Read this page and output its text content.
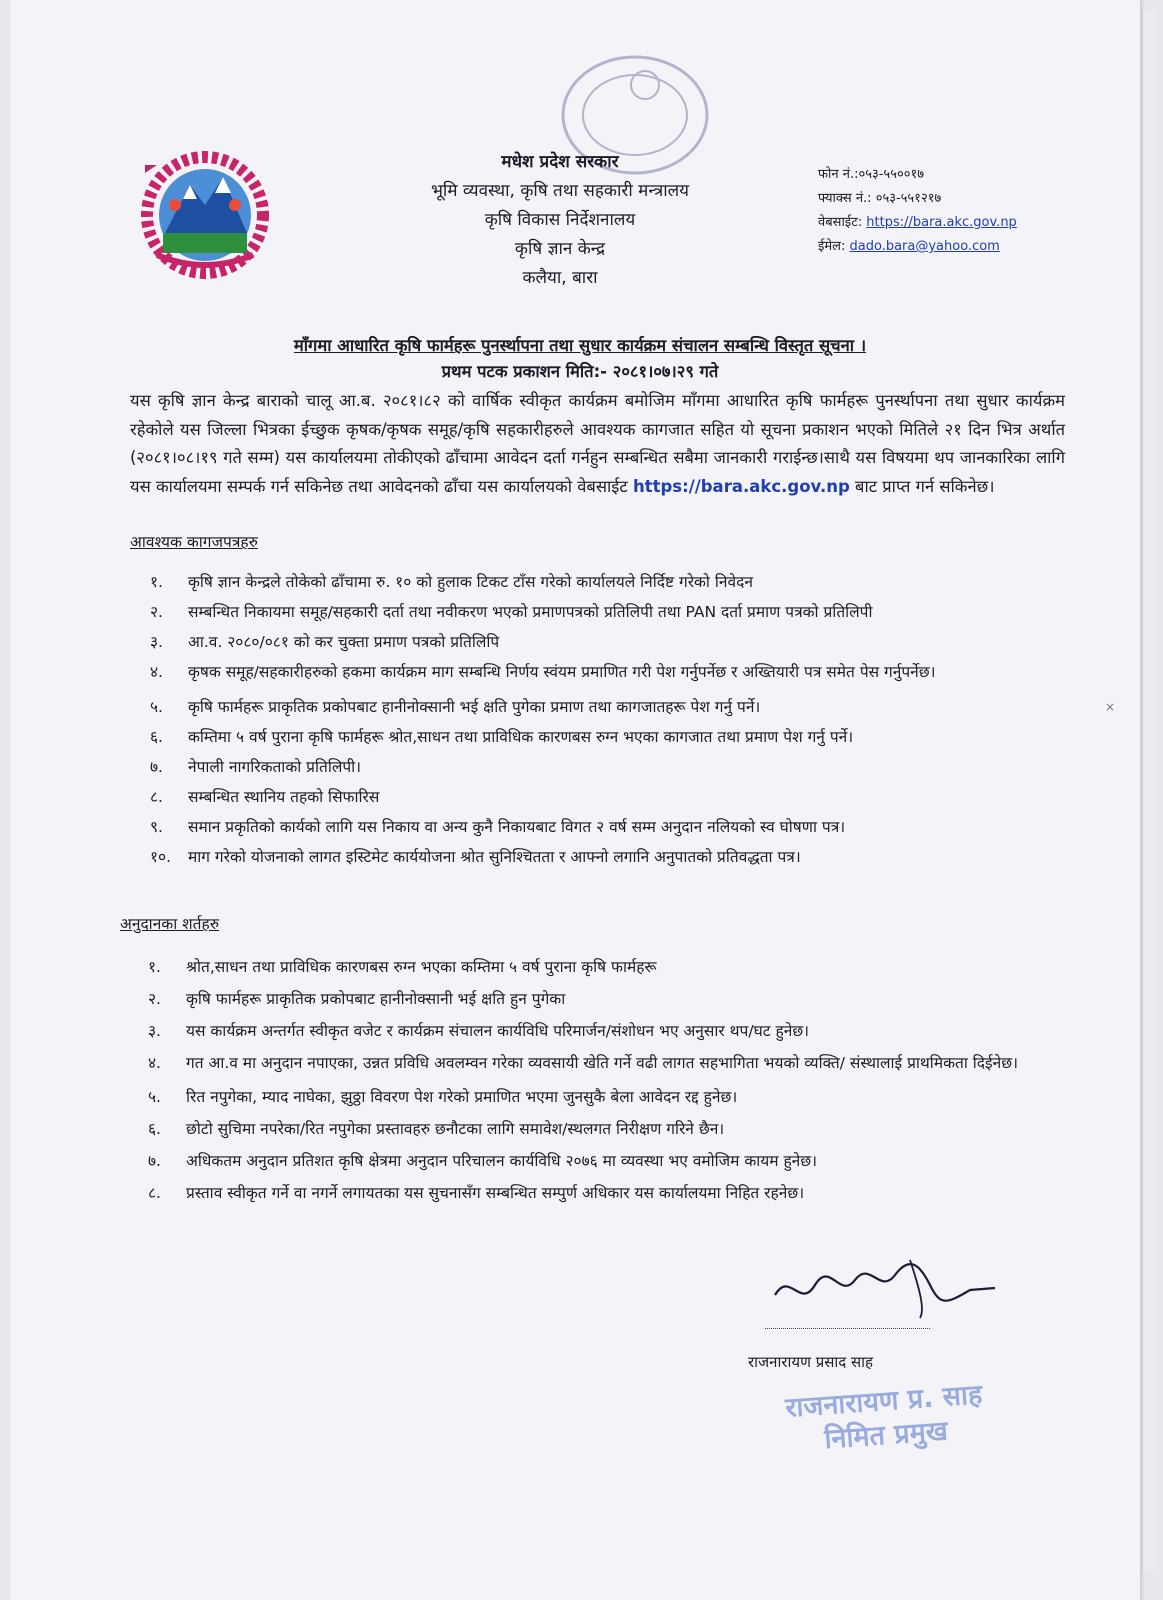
मधेश प्रदेश सरकार
भूमि व्यवस्था, कृषि तथा सहकारी मन्त्रालय
कृषि विकास निर्देशनालय
कृषि ज्ञान केन्द्र
कलैया, बारा
फोन नं.:०५३-५५००१७
फ्याक्स नं.: ०५३-५५१२१७
वेबसाईट: https://bara.akc.gov.np
ईमेल: dado.bara@yahoo.com
माँगमा आधारित कृषि फार्महरू पुनर्स्थापना तथा सुधार कार्यक्रम संचालन सम्बन्धि विस्तृत सूचना ।
प्रथम पटक प्रकाशन मिति:- २०८१।०७।२९ गते
यस कृषि ज्ञान केन्द्र बाराको चालू आ.ब. २०८१।८२ को वार्षिक स्वीकृत कार्यक्रम बमोजिम माँगमा आधारित कृषि फार्महरू पुनर्स्थापना तथा सुधार कार्यक्रम रहेकोले यस जिल्ला भित्रका ईच्छुक कृषक/कृषक समूह/कृषि सहकारीहरुले आवश्यक कागजात सहित यो सूचना प्रकाशन भएको मितिले २१ दिन भित्र अर्थात (२०८१।०८।१९ गते सम्म) यस कार्यालयमा तोकीएको ढाँचामा आवेदन दर्ता गर्नहुन सम्बन्धित सबैमा जानकारी गराईन्छ।साथै यस विषयमा थप जानकारिका लागि यस कार्यालयमा सम्पर्क गर्न सकिनेछ तथा आवेदनको ढाँचा यस कार्यालयको वेबसाईट https://bara.akc.gov.np बाट प्राप्त गर्न सकिनेछ।
आवश्यक कागजपत्रहरु
१. कृषि ज्ञान केन्द्रले तोकेको ढाँचामा रु. १० को हुलाक टिकट टाँस गरेको कार्यालयले निर्दिष्ट गरेको निवेदन
२. सम्बन्धित निकायमा समूह/सहकारी दर्ता तथा नवीकरण भएको प्रमाणपत्रको प्रतिलिपी तथा PAN दर्ता प्रमाण पत्रको प्रतिलिपी
३. आ.व. २०८०/०८१ को कर चुक्ता प्रमाण पत्रको प्रतिलिपि
४. कृषक समूह/सहकारीहरुको हकमा कार्यक्रम माग सम्बन्धि निर्णय स्वंयम प्रमाणित गरी पेश गर्नुपर्नेछ र अख्तियारी पत्र समेत पेस गर्नुपर्नेछ।
५. कृषि फार्महरू प्राकृतिक प्रकोपबाट हानीनोक्सानी भई क्षति पुगेका प्रमाण तथा कागजातहरू पेश गर्नु पर्ने।
६. कम्तिमा ५ वर्ष पुराना कृषि फार्महरू श्रोत,साधन तथा प्राविधिक कारणबस रुग्न भएका कागजात तथा प्रमाण पेश गर्नु पर्ने।
७. नेपाली नागरिकताको प्रतिलिपी।
८. सम्बन्धित स्थानिय तहको सिफारिस
९. समान प्रकृतिको कार्यको लागि यस निकाय वा अन्य कुनै निकायबाट विगत २ वर्ष सम्म अनुदान नलियको स्व घोषणा पत्र।
१०. माग गरेको योजनाको लागत इस्टिमेट कार्ययोजना श्रोत सुनिश्चितता र आफ्नो लगानि अनुपातको प्रतिवद्धता पत्र।
अनुदानका शर्तहरु
१. श्रोत,साधन तथा प्राविधिक कारणबस रुग्न भएका कम्तिमा ५ वर्ष पुराना कृषि फार्महरू
२. कृषि फार्महरू प्राकृतिक प्रकोपबाट हानीनोक्सानी भई क्षति हुन पुगेका
३. यस कार्यक्रम अन्तर्गत स्वीकृत वजेट र कार्यक्रम संचालन कार्यविधि परिमार्जन/संशोधन भए अनुसार थप/घट हुनेछ।
४. गत आ.व मा अनुदान नपाएका, उन्नत प्रविधि अवलम्वन गरेका व्यवसायी खेति गर्ने वढी लागत सहभागिता भयको व्यक्ति/ संस्थालाई प्राथमिकता दिईनेछ।
५. रित नपुगेका, म्याद नाघेका, झुठ्ठा विवरण पेश गरेको प्रमाणित भएमा जुनसुकै बेला आवेदन रद्द हुनेछ।
६. छोटो सुचिमा नपरेका/रित नपुगेका प्रस्तावहरु छनौटका लागि समावेश/स्थलगत निरीक्षण गरिने छैन।
७. अधिकतम अनुदान प्रतिशत कृषि क्षेत्रमा अनुदान परिचालन कार्यविधि २०७६ मा व्यवस्था भए वमोजिम कायम हुनेछ।
८. प्रस्ताव स्वीकृत गर्ने वा नगर्ने लगायतका यस सुचनासँग सम्बन्धित सम्पुर्ण अधिकार यस कार्यालयमा निहित रहनेछ।
राजनारायण प्रसाद साह
राजनारायण प्र. साह
निमित प्रमुख
×
